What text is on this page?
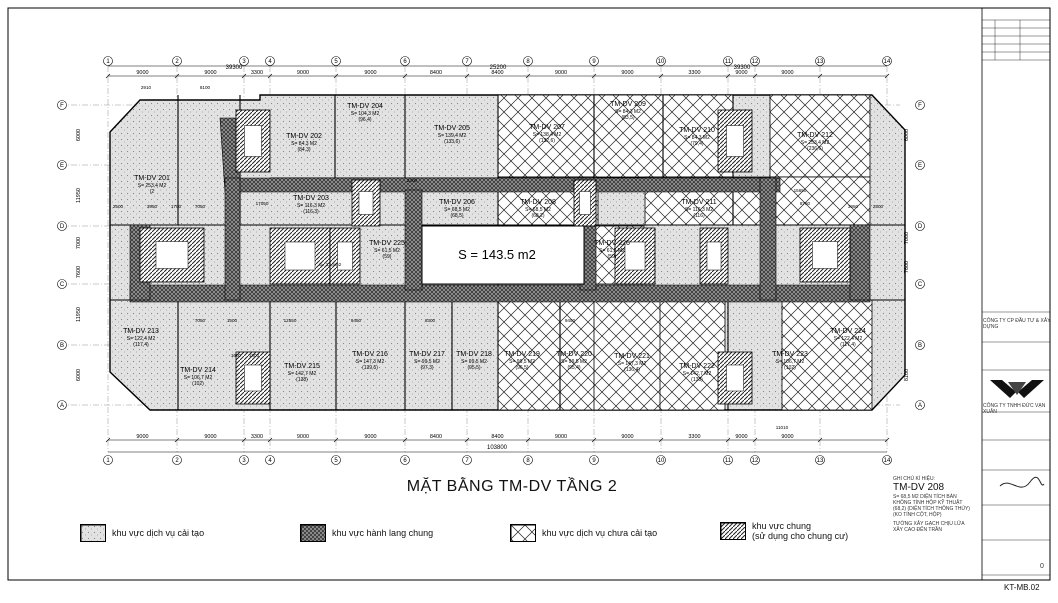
1
1
2
2
3
3
4
4
5
5
6
6
7
7
8
8
9
9
10
10
11
11
12
12
13
13
14
14
F	F
E	E
D	D
C	C
B	B
A	A
TM-DV 201
S= 253,4 M2
(2
TM-DV 202
S= 84,3 M2
(84,3)
TM-DV 203
S= 116,3 M2
(116,3)
TM-DV 204
S= 104,3 M2
(96,4)
TM-DV 205
S= 139,4 M2
(133,6)
TM-DV 206
S= 68,5 M2
(68,5)
TM-DV 207
S= 138,4 M2
(132,6)
TM-DV 208
S= 68,5 M2
(68,2)
TM-DV 209
S= 84,3 M2
(83,5)
TM-DV 210
S= 84,3 M2
(79,4)
TM-DV 211
S= 116,3 M2
(116)
TM-DV 212
S= 253,4 M2
(236,6)
TM-DV 213
S= 122,4 M2
(117,4)
TM-DV 214
S= 106,7 M2
(102)
TM-DV 215
S= 142,7 M2
(138)
TM-DV 216
S= 147,3 M2
(139,5)
TM-DV 217
S= 99,5 M2
(97,3)
TM-DV 218
S= 99,5 M2
(95,5)
TM-DV 219
S= 99,5 M2
(96,5)
TM-DV 220
S= 99,5 M2
(95,4)
TM-DV 221
S= 147,3 M2
(136,4)	TM-DV 222
S= 142,7 M2
(138)
TM-DV 223
S= 106,7 M2
(102)
TM-DV 224
S= 122,4 M2
(117,4)
TM-DV 225
S= 61,5 M2
(59)
TM-DV 226
S= 61,5 M2
(59)
9000	9000	3300	9000	9000	8400	8400	9000	9000	3300	9000	9000
9000	9000	3300	9000	9000	8400	8400	9000	9000	3300	9000	9000
6000
11950
7000
7600
11950
6000
6000
7000
7600
8100
2910	8100
2500	3950	1700
7050	1500
7050
12550	9450	6300	9450
11010
8750
2500
3950
17050
15650
2400
1600 1900
S= 23,5m2
S = 143.5 m2
25200
39300	39300
103800
MẶT BẰNG TM-DV TẦNG 2
khu vực dịch vụ cải tạo	khu vực hành lang chung	khu vực dịch vụ chưa cải tạo
khu vực chung
(sử dụng cho chung cư)
GHI CHÚ KÍ HIỆU:
TM-DV 208
S= 68,5 M2 DIỆN TÍCH BÁN
KHÔNG TÍNH HỘP KỸ THUẬT
(68,2) (DIỆN TÍCH THÔNG THỦY)
(KO TÍNH CỘT, HỘP)
TƯỜNG XÂY GẠCH CHỊU LỬA
XÂY CAO ĐẾN TRẦN
CÔNG TY CP ĐẦU TƯ & XÂY DỰNG
CÔNG TY TNHH ĐỨC VẠN XUÂN
0
KT-MB.02
